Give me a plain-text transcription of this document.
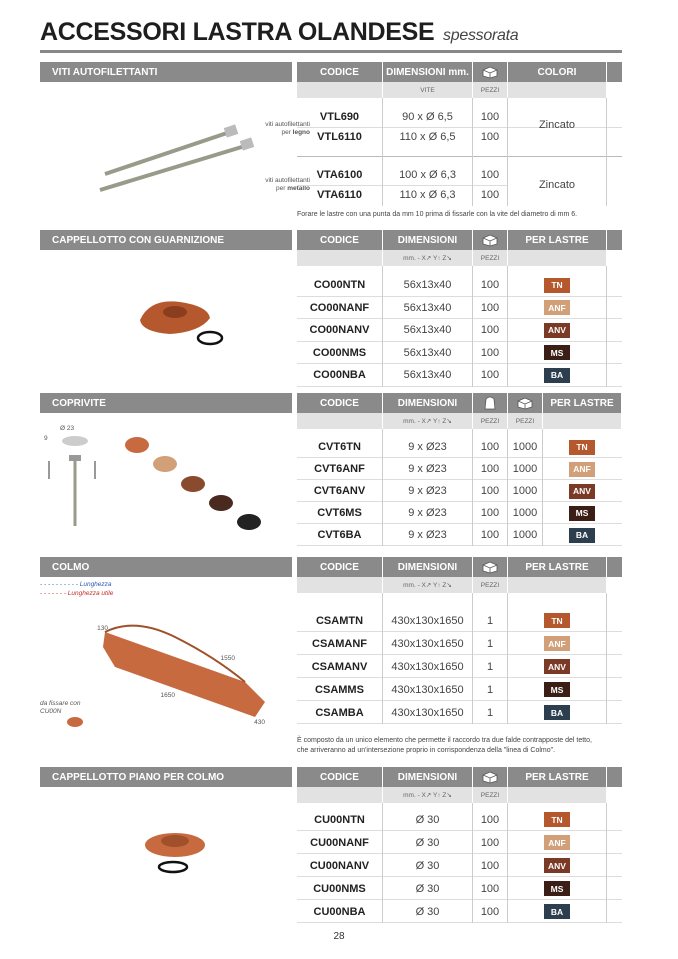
ACCESSORI LASTRA OLANDESE spessorata
VITI AUTOFILETTANTI	CODICE	DIMENSIONI mm.	COLORI
VITE	PEZZI
viti autofilettanti
per legno
viti autofilettanti
per metallo
VTL690	90 x Ø 6,5	100
VTL6110	110 x Ø 6,5	100
Zincato
VTA6100	100 x Ø 6,3	100
VTA6110	110 x Ø 6,3	100
Zincato
Forare le lastre con una punta da mm 10 prima di fissarle con la vite del diametro di mm 6.
CAPPELLOTTO CON GUARNIZIONE	CODICE	DIMENSIONI	PER LASTRE
mm. - X ↗ Y↑ Z↘	PEZZI
CO00NTN	56x13x40	100	TN
CO00NANF	56x13x40	100	ANF
CO00NANV	56x13x40	100	ANV
CO00NMS	56x13x40	100	MS
CO00NBA	56x13x40	100	BA
COPRIVITE	CODICE	DIMENSIONI	PER LASTRE
mm. - X ↗ Y↑ Z↘	PEZZI	PEZZI
Ø 23
9
CVT6TN	9 x Ø23	100	1000	TN
CVT6ANF	9 x Ø23	100	1000	ANF
CVT6ANV	9 x Ø23	100	1000	ANV
CVT6MS	9 x Ø23	100	1000	MS
CVT6BA	9 x Ø23	100	1000	BA
COLMO	CODICE	DIMENSIONI	PER LASTRE
mm. - X ↗ Y↑ Z↘	PEZZI
- - - - - - - - - - Lunghezza
- - - - - - - Lunghezza utile
130
1550
1650
430
da fissare con
CU00N
CSAMTN	430x130x1650	1	TN
CSAMANF	430x130x1650	1	ANF
CSAMANV	430x130x1650	1	ANV
CSAMMS	430x130x1650	1	MS
CSAMBA	430x130x1650	1	BA
È composto da un unico elemento che permette il raccordo tra due falde contrapposte del tetto,
che arriveranno ad un'intersezione proprio in corrispondenza della "linea di Colmo".
CAPPELLOTTO PIANO PER COLMO	CODICE	DIMENSIONI	PER LASTRE
mm. - X ↗ Y↑ Z↘	PEZZI
CU00NTN	Ø 30	100	TN
CU00NANF	Ø 30	100	ANF
CU00NANV	Ø 30	100	ANV
CU00NMS	Ø 30	100	MS
CU00NBA	Ø 30	100	BA
28
